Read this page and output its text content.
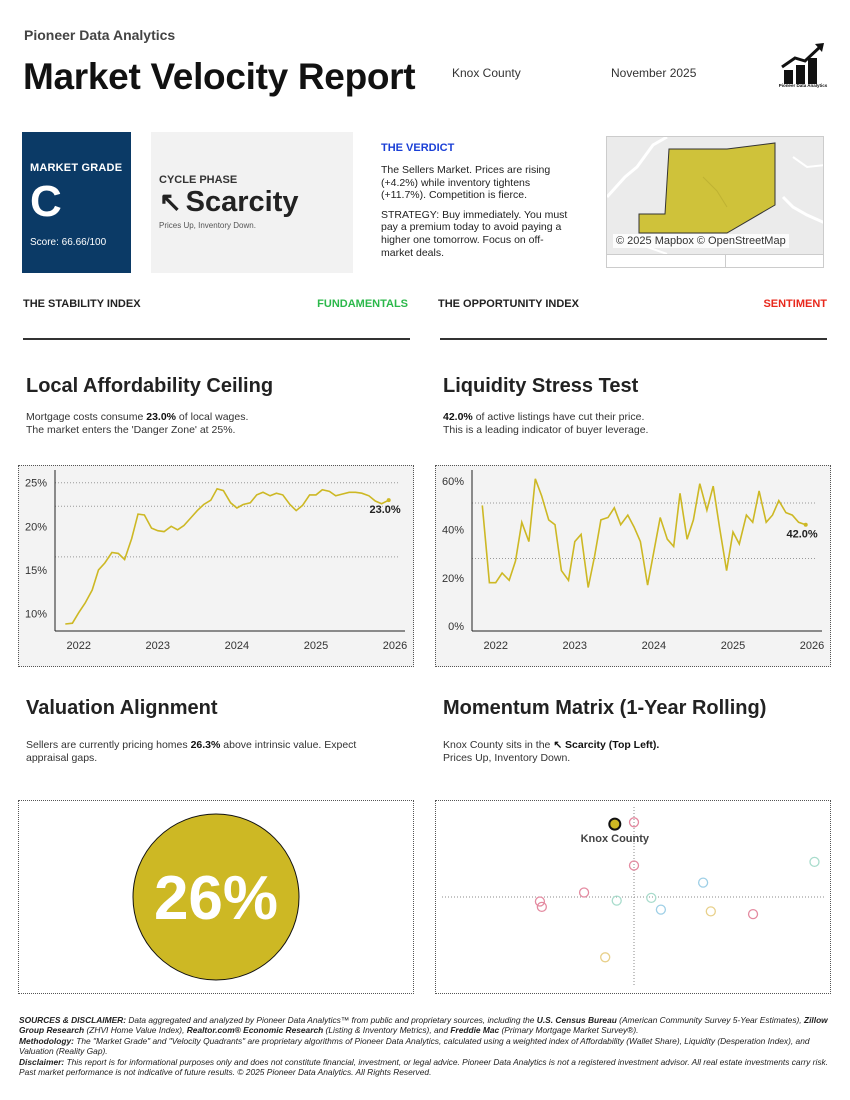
Pioneer Data Analytics
Market Velocity Report	Knox County	November 2025
Pioneer Data Analytics
MARKET GRADE
C
Score: 66.66/100
CYCLE PHASE
↖ Scarcity
Prices Up, Inventory Down.
THE VERDICT
The Sellers Market. Prices are rising (+4.2%) while inventory tightens (+11.7%). Competition is fierce.
STRATEGY: Buy immediately. You must pay a premium today to avoid paying a higher one tomorrow. Focus on off-market deals.
© 2025 Mapbox © OpenStreetMap
THE STABILITY INDEX	FUNDAMENTALS	THE OPPORTUNITY INDEX	SENTIMENT
Local Affordability Ceiling
Mortgage costs consume 23.0% of local wages.
The market enters the 'Danger Zone' at 25%.
25%
20%
15%
10%
2022	2023	2024	2025	2026
23.0%
Liquidity Stress Test
42.0% of active listings have cut their price.
This is a leading indicator of buyer leverage.
60%
40%
20%
0%
2022	2023	2024	2025	2026
42.0%
Valuation Alignment
Sellers are currently pricing homes 26.3% above intrinsic value. Expect appraisal gaps.
26%
Momentum Matrix (1-Year Rolling)
Knox County sits in the ↖ Scarcity (Top Left).
Prices Up, Inventory Down.
Knox County
SOURCES & DISCLAIMER: Data aggregated and analyzed by Pioneer Data Analytics™ from public and proprietary sources, including the U.S. Census Bureau (American Community Survey 5-Year Estimates), Zillow Group Research (ZHVI Home Value Index), Realtor.com® Economic Research (Listing & Inventory Metrics), and Freddie Mac (Primary Mortgage Market Survey®).
Methodology: The "Market Grade" and "Velocity Quadrants" are proprietary algorithms of Pioneer Data Analytics, calculated using a weighted index of Affordability (Wallet Share), Liquidity (Desperation Index), and Valuation (Reality Gap).
Disclaimer: This report is for informational purposes only and does not constitute financial, investment, or legal advice. Pioneer Data Analytics is not a registered investment advisor. All real estate investments carry risk. Past market performance is not indicative of future results. © 2025 Pioneer Data Analytics. All Rights Reserved.
